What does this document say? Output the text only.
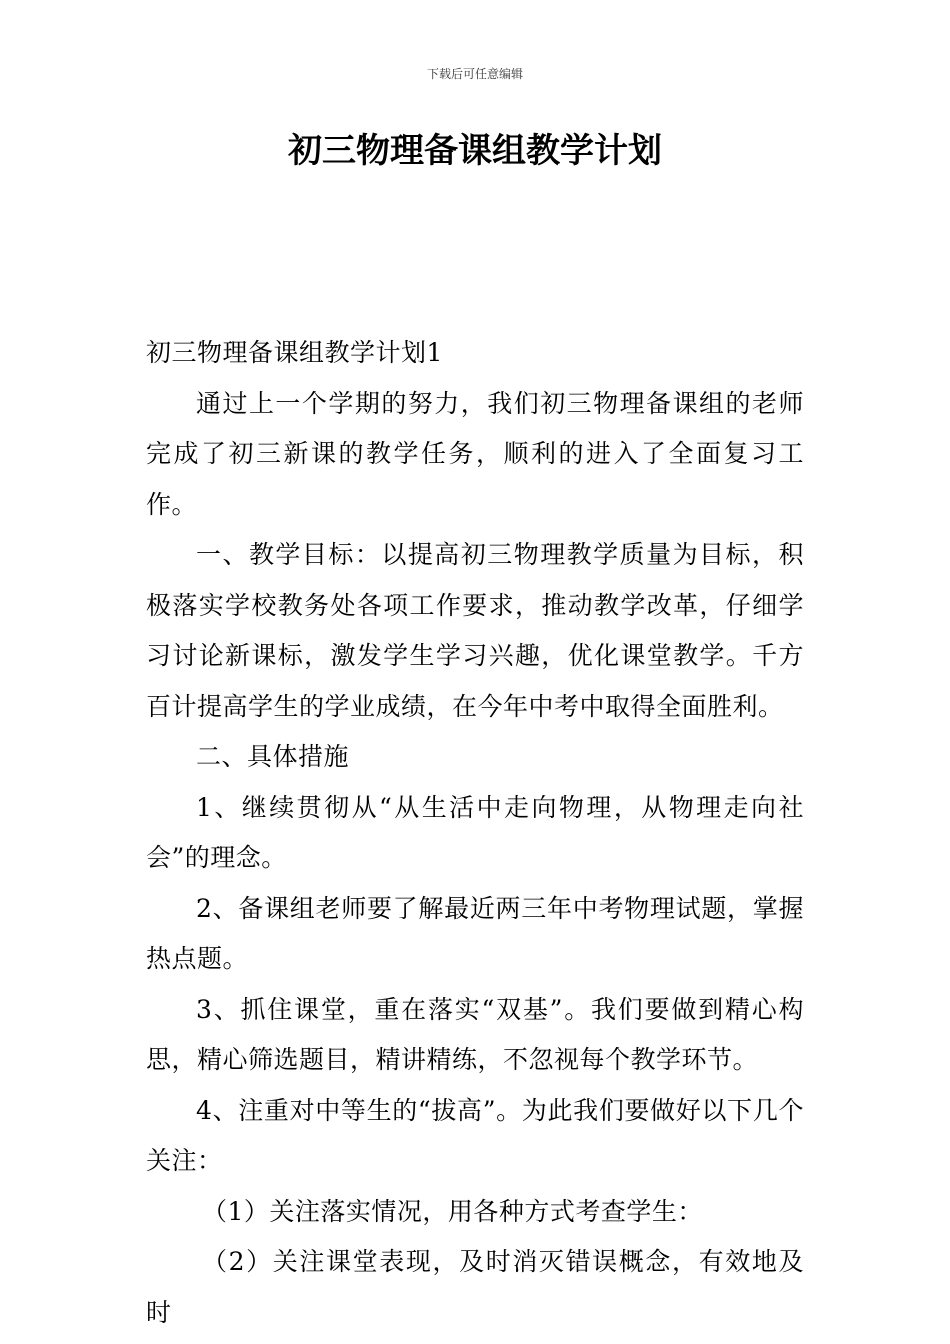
下载后可任意编辑
初三物理备课组教学计划

初三物理备课组教学计划1

通过上一个学期的努力，我们初三物理备课组的老师完成了初三新课的教学任务，顺利的进入了全面复习工作。

一、教学目标：以提高初三物理教学质量为目标，积极落实学校教务处各项工作要求，推动教学改革，仔细学习讨论新课标，激发学生学习兴趣，优化课堂教学。千方百计提高学生的学业成绩，在今年中考中取得全面胜利。

二、具体措施

1、继续贯彻从“从生活中走向物理，从物理走向社会”的理念。

2、备课组老师要了解最近两三年中考物理试题，掌握热点题。

3、抓住课堂，重在落实“双基”。我们要做到精心构思，精心筛选题目，精讲精练，不忽视每个教学环节。

4、注重对中等生的“拔高”。为此我们要做好以下几个关注：

（1）关注落实情况，用各种方式考查学生：

（2）关注课堂表现，及时消灭错误概念，有效地及时
